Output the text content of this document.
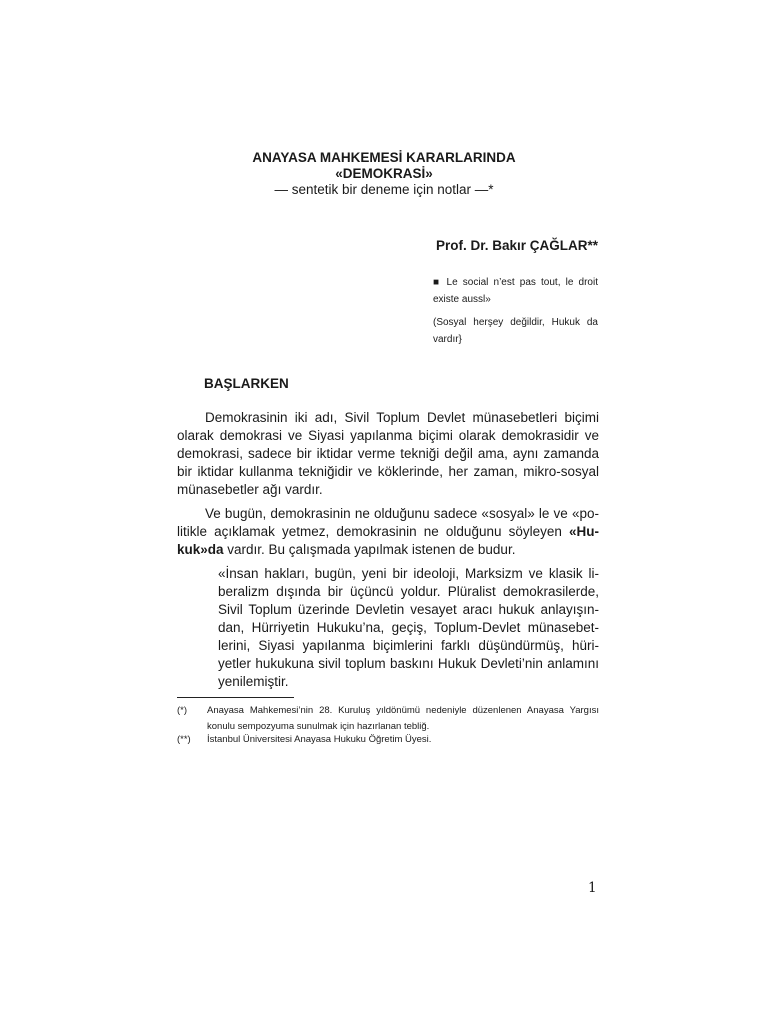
ANAYASA MAHKEMESİ KARARLARINDA
«DEMOKRASİ»
— sentetik bir deneme için notlar —*
Prof. Dr. Bakır ÇAĞLAR**
■ Le social n’est pas tout, le droit existe aussl»
(Sosyal herşey değildir, Hukuk da vardır}
BAŞLARKEN

Demokrasinin iki adı, Sivil Toplum Devlet münasebetleri biçimi olarak demokrasi ve Siyasi yapılanma biçimi olarak demokrasidir ve demokrasi, sadece bir iktidar verme tekniği değil ama, aynı zamanda bir iktidar kullanma tekniğidir ve köklerinde, her zaman, mikro-sosyal münasebetler ağı vardır.

Ve bugün, demokrasinin ne olduğunu sadece «sosyal» le ve «politikle açıklamak yetmez, demokrasinin ne olduğunu söyleyen «Hukuk»da vardır. Bu çalışmada yapılmak istenen de budur.

«İnsan hakları, bugün, yeni bir ideoloji, Marksizm ve klasik liberalizm dışında bir üçüncü yoldur. Plüralist demokrasilerde, Sivil Toplum üzerinde Devletin vesayet aracı hukuk anlayışından, Hürriyetin Hukuku’na, geçiş, Toplum-Devlet münasebetlerini, Siyasi yapılanma biçimlerini farklı düşündürmüş, hüriyetler hukukuna sivil toplum baskını Hukuk Devleti’nin anlamını yenilemiştir.

(*) Anayasa Mahkemesi’nin 28. Kuruluş yıldönümü nedeniyle düzenlenen Anayasa Yargısı konulu sempozyuma sunulmak için hazırlanan tebliğ.
(**) İstanbul Üniversitesi Anayasa Hukuku Öğretim Üyesi.
1
